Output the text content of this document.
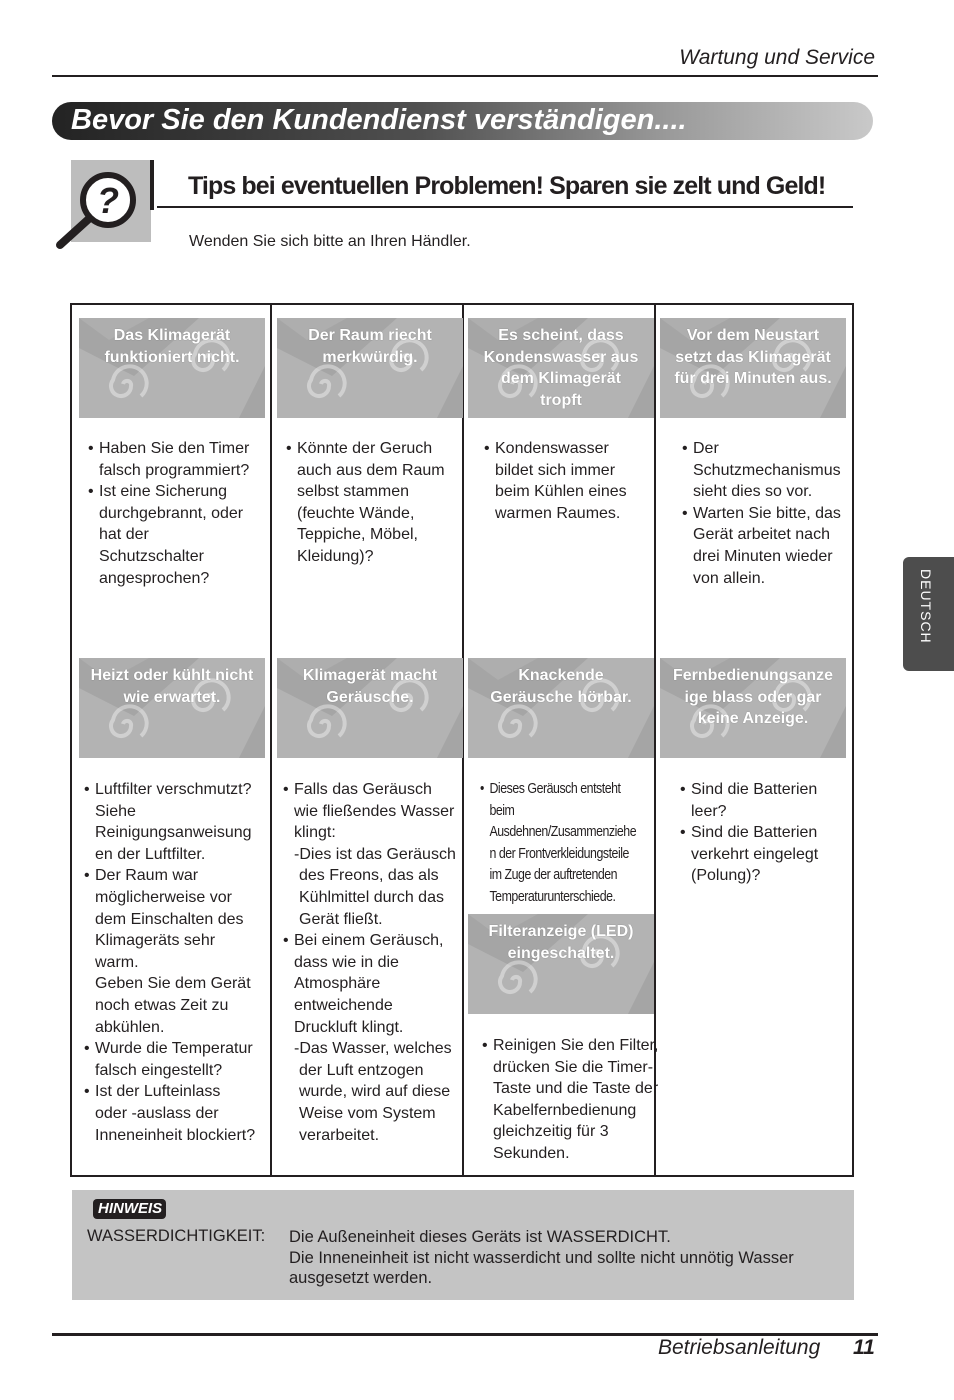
Wartung und Service
Bevor Sie den Kundendienst verständigen....
?	Tips bei eventuellen Problemen! Sparen sie zelt und Geld!
Wenden Sie sich bitte an Ihren Händler.
Das Klimagerät
funktioniert nicht.
• Haben Sie den Timer
falsch programmiert?
• Ist eine Sicherung
durchgebrannt, oder
hat der
Schutzschalter
angesprochen?
Der Raum riecht
merkwürdig.
• Könnte der Geruch
auch aus dem Raum
selbst stammen
(feuchte Wände,
Teppiche, Möbel,
Kleidung)?
Es scheint, dass
Kondenswasser aus
dem Klimagerät
tropft
• Kondenswasser
bildet sich immer
beim Kühlen eines
warmen Raumes.
Vor dem Neustart
setzt das Klimagerät
für drei Minuten aus.
• Der
Schutzmechanismus
sieht dies so vor.
• Warten Sie bitte, das
Gerät arbeitet nach
drei Minuten wieder
von allein.
Heizt oder kühlt nicht
wie erwartet.
• Luftfilter verschmutzt?
Siehe
Reinigungsanweisung
en der Luftfilter.
• Der Raum war
möglicherweise vor
dem Einschalten des
Klimageräts sehr
warm.
Geben Sie dem Gerät
noch etwas Zeit zu
abkühlen.
• Wurde die Temperatur
falsch eingestellt?
• Ist der Lufteinlass
oder -auslass der
Inneneinheit blockiert?
Klimagerät macht
Geräusche.
• Falls das Geräusch
wie fließendes Wasser
klingt:
-Dies ist das Geräusch
des Freons, das als
Kühlmittel durch das
Gerät fließt.
• Bei einem Geräusch,
dass wie in die
Atmosphäre
entweichende
Druckluft klingt.
-Das Wasser, welches
der Luft entzogen
wurde, wird auf diese
Weise vom System
verarbeitet.
Knackende
Geräusche hörbar.
• Dieses Geräusch entsteht
beim
Ausdehnen/Zusammenziehe
n der Frontverkleidungsteile
im Zuge der auftretenden
Temperaturunterschiede.
Fernbedienungsanze
ige blass oder gar
keine Anzeige.
• Sind die Batterien
leer?
• Sind die Batterien
verkehrt eingelegt
(Polung)?
Filteranzeige (LED)
eingeschaltet.
• Reinigen Sie den Filter,
drücken Sie die Timer-
Taste und die Taste der
Kabelfernbedienung
gleichzeitig für 3
Sekunden.
HINWEIS
WASSERDICHTIGKEIT: Die Außeneinheit dieses Geräts ist WASSERDICHT.
Die Inneneinheit ist nicht wasserdicht und sollte nicht unnötig Wasser
ausgesetzt werden.
DEUTSCH
Betriebsanleitung 11
